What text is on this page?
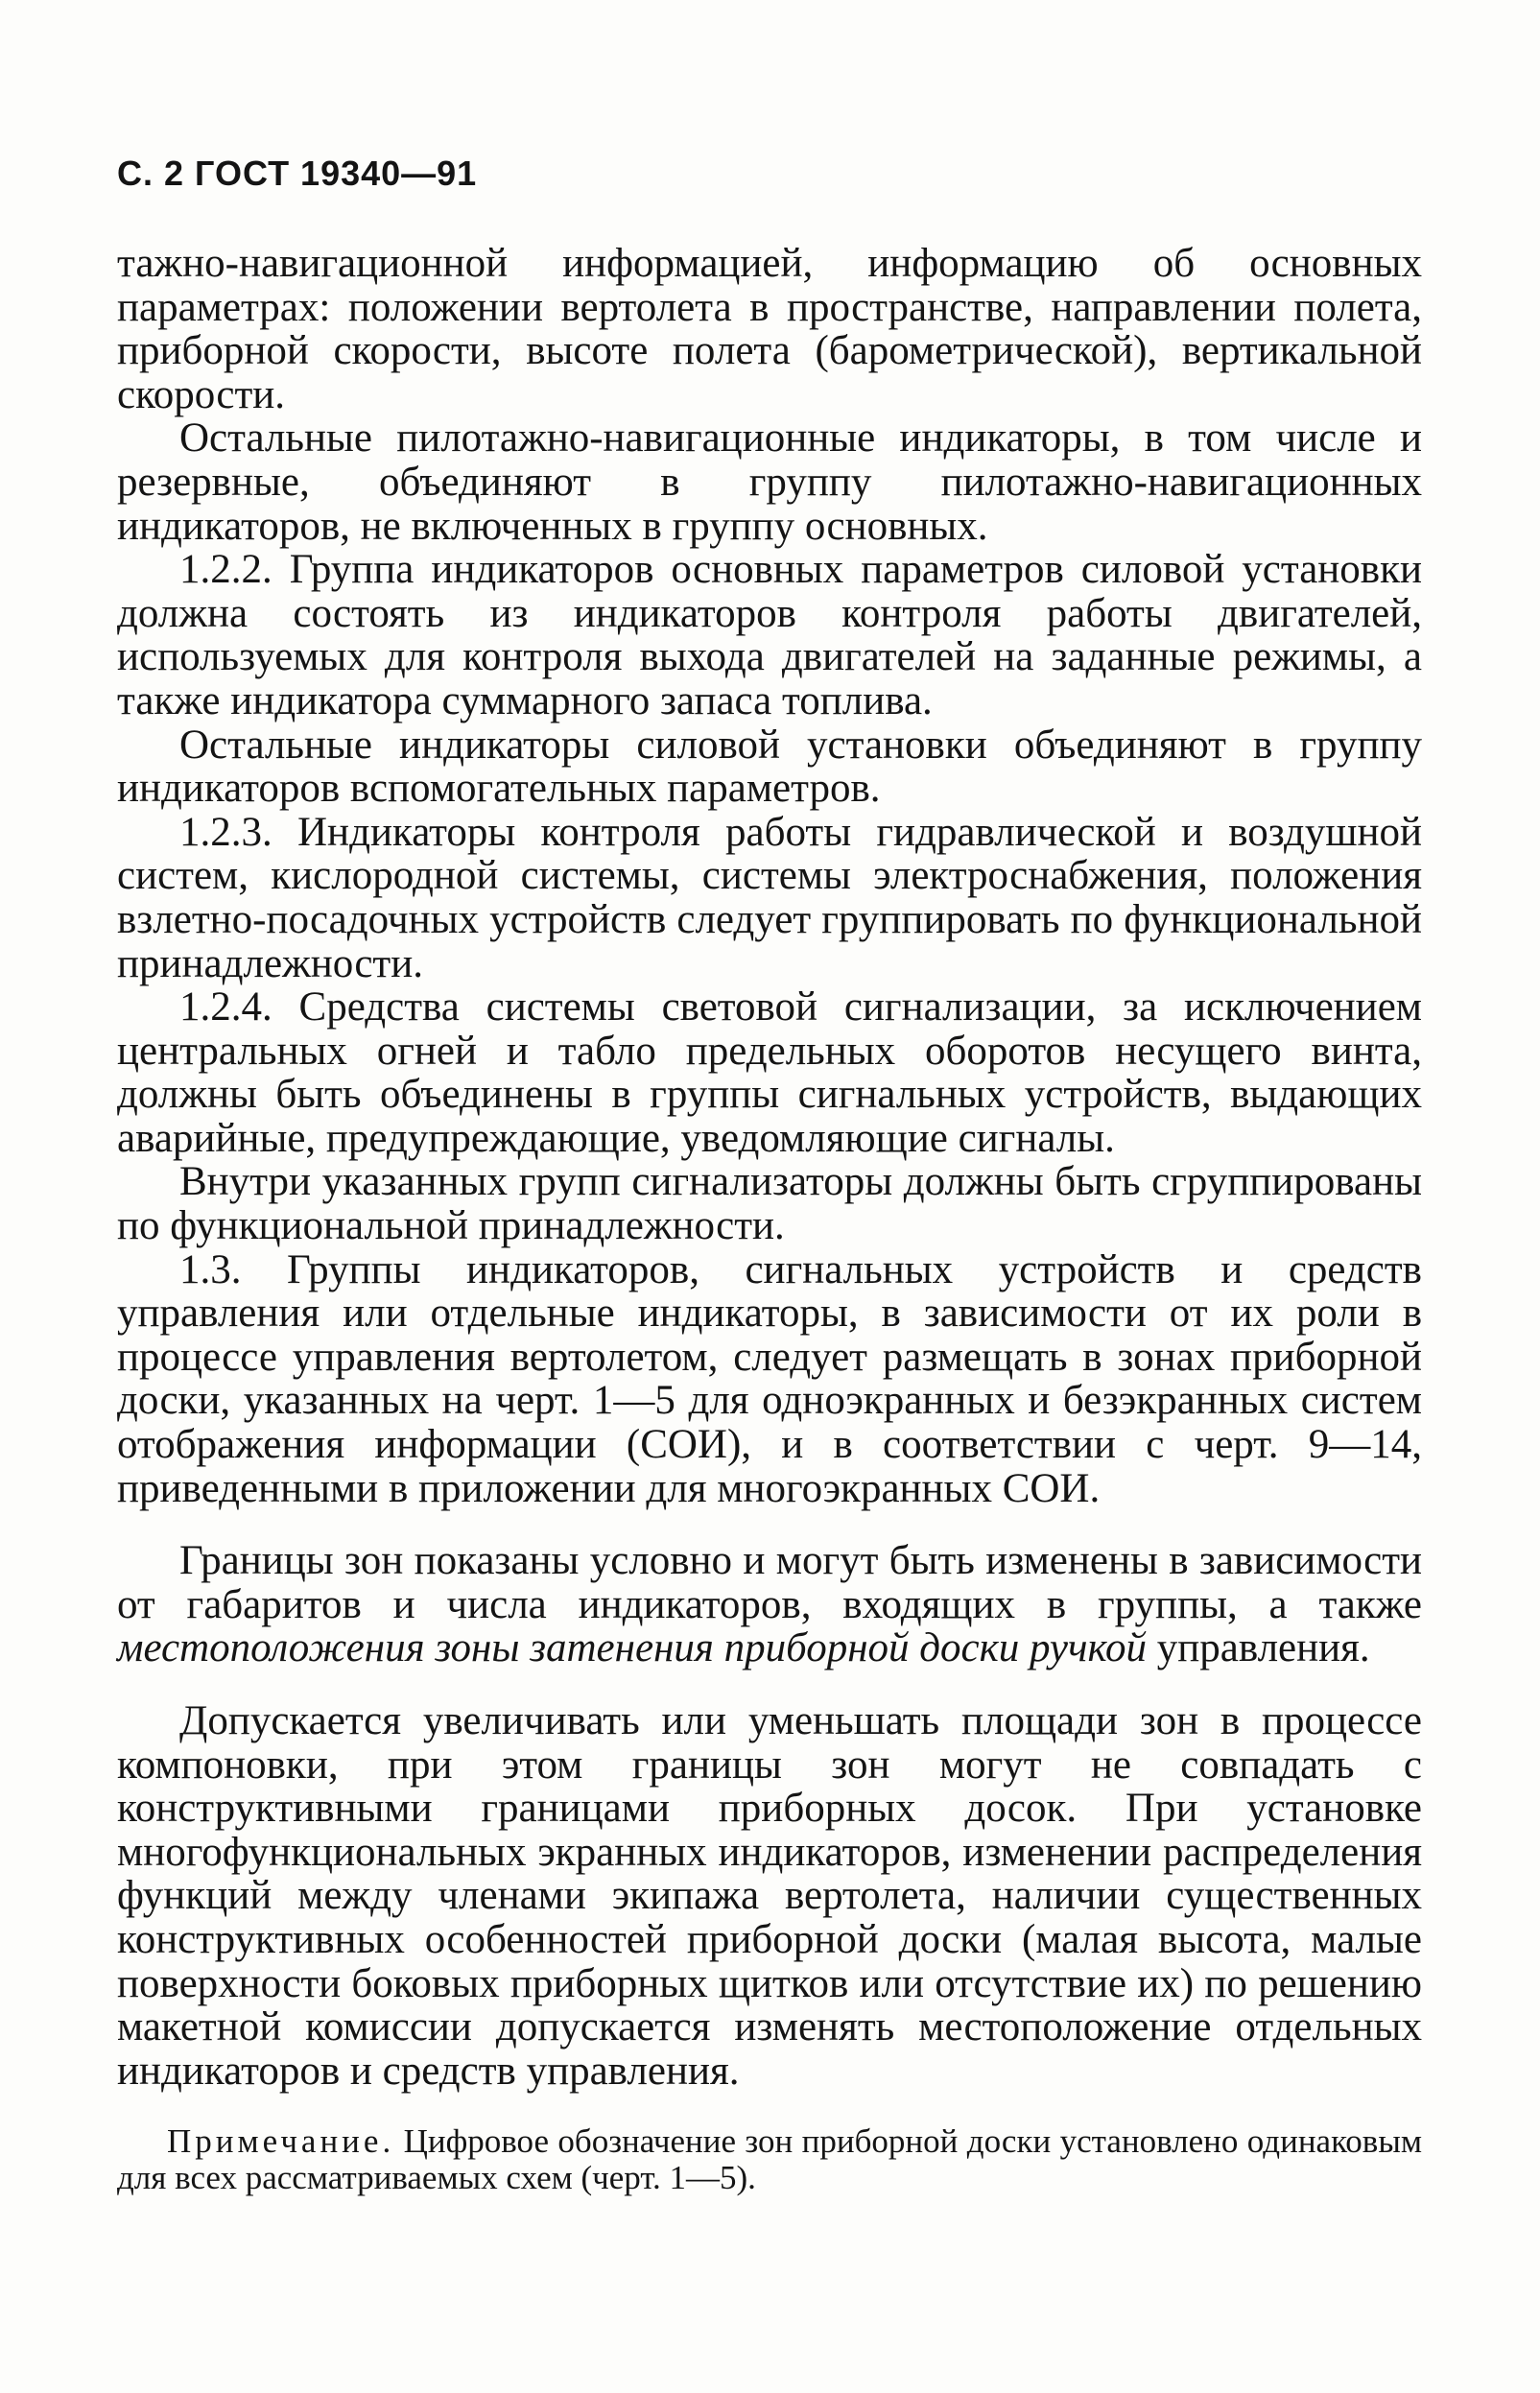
С. 2 ГОСТ 19340—91

тажно-навигационной информацией, информацию об основных параметрах: положении вертолета в пространстве, направлении полета, приборной скорости, высоте полета (барометрической), вертикальной скорости.

Остальные пилотажно-навигационные индикаторы, в том числе и резервные, объединяют в группу пилотажно-навигационных индикаторов, не включенных в группу основных.

1.2.2. Группа индикаторов основных параметров силовой установки должна состоять из индикаторов контроля работы двигателей, используемых для контроля выхода двигателей на заданные режимы, а также индикатора суммарного запаса топлива.

Остальные индикаторы силовой установки объединяют в группу индикаторов вспомогательных параметров.

1.2.3. Индикаторы контроля работы гидравлической и воздушной систем, кислородной системы, системы электроснабжения, положения взлетно-посадочных устройств следует группировать по функциональной принадлежности.

1.2.4. Средства системы световой сигнализации, за исключением центральных огней и табло предельных оборотов несущего винта, должны быть объединены в группы сигнальных устройств, выдающих аварийные, предупреждающие, уведомляющие сигналы.

Внутри указанных групп сигнализаторы должны быть сгруппированы по функциональной принадлежности.

1.3. Группы индикаторов, сигнальных устройств и средств управления или отдельные индикаторы, в зависимости от их роли в процессе управления вертолетом, следует размещать в зонах приборной доски, указанных на черт. 1—5 для одноэкранных и безэкранных систем отображения информации (СОИ), и в соответствии с черт. 9—14, приведенными в приложении для многоэкранных СОИ.

Границы зон показаны условно и могут быть изменены в зависимости от габаритов и числа индикаторов, входящих в группы, а также местоположения зоны затенения приборной доски ручкой управления.

Допускается увеличивать или уменьшать площади зон в процессе компоновки, при этом границы зон могут не совпадать с конструктивными границами приборных досок. При установке многофункциональных экранных индикаторов, изменении распределения функций между членами экипажа вертолета, наличии существенных конструктивных особенностей приборной доски (малая высота, малые поверхности боковых приборных щитков или отсутствие их) по решению макетной комиссии допускается изменять местоположение отдельных индикаторов и средств управления.

Примечание. Цифровое обозначение зон приборной доски установлено одинаковым для всех рассматриваемых схем (черт. 1—5).
